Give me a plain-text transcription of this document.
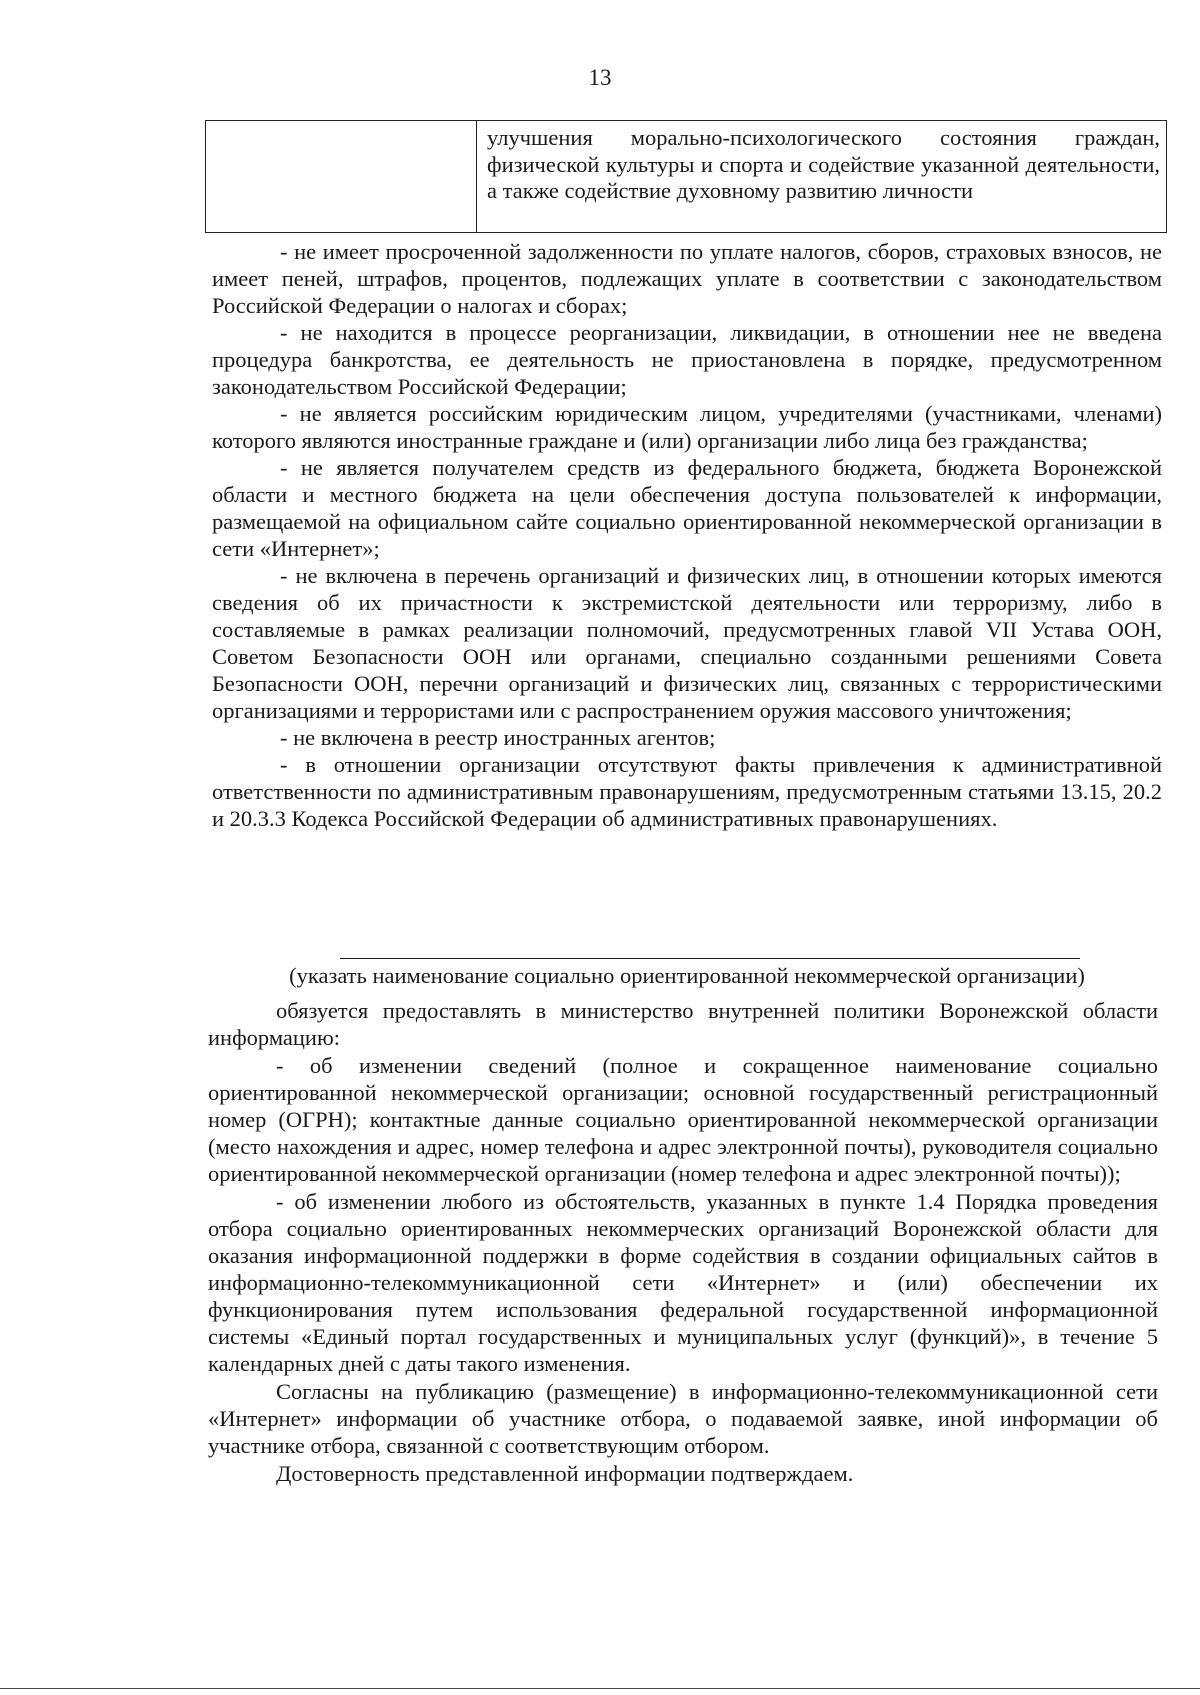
13
	улучшения морально-психологического состояния граждан, физической культуры и спорта и содействие указанной деятельности, а также содействие духовному развитию личности

- не имеет просроченной задолженности по уплате налогов, сборов, страховых взносов, не имеет пеней, штрафов, процентов, подлежащих уплате в соответствии с законодательством Российской Федерации о налогах и сборах;

- не находится в процессе реорганизации, ликвидации, в отношении нее не введена процедура банкротства, ее деятельность не приостановлена в порядке, предусмотренном законодательством Российской Федерации;

- не является российским юридическим лицом, учредителями (участниками, членами) которого являются иностранные граждане и (или) организации либо лица без гражданства;

- не является получателем средств из федерального бюджета, бюджета Воронежской области и местного бюджета на цели обеспечения доступа пользователей к информации, размещаемой на официальном сайте социально ориентированной некоммерческой организации в сети «Интернет»;

- не включена в перечень организаций и физических лиц, в отношении которых имеются сведения об их причастности к экстремистской деятельности или терроризму, либо в составляемые в рамках реализации полномочий, предусмотренных главой VII Устава ООН, Советом Безопасности ООН или органами, специально созданными решениями Совета Безопасности ООН, перечни организаций и физических лиц, связанных с террористическими организациями и террористами или с распространением оружия массового уничтожения;

- не включена в реестр иностранных агентов;

- в отношении организации отсутствуют факты привлечения к административной ответственности по административным правонарушениям, предусмотренным статьями 13.15, 20.2 и 20.3.3 Кодекса Российской Федерации об административных правонарушениях.

(указать наименование социально ориентированной некоммерческой организации)

обязуется предоставлять в министерство внутренней политики Воронежской области информацию:

- об изменении сведений (полное и сокращенное наименование социально ориентированной некоммерческой организации; основной государственный регистрационный номер (ОГРН); контактные данные социально ориентированной некоммерческой организации (место нахождения и адрес, номер телефона и адрес электронной почты), руководителя социально ориентированной некоммерческой организации (номер телефона и адрес электронной почты));

- об изменении любого из обстоятельств, указанных в пункте 1.4 Порядка проведения отбора социально ориентированных некоммерческих организаций Воронежской области для оказания информационной поддержки в форме содействия в создании официальных сайтов в информационно-телекоммуникационной сети «Интернет» и (или) обеспечении их функционирования путем использования федеральной государственной информационной системы «Единый портал государственных и муниципальных услуг (функций)», в течение 5 календарных дней с даты такого изменения.

Согласны на публикацию (размещение) в информационно-телекоммуникационной сети «Интернет» информации об участнике отбора, о подаваемой заявке, иной информации об участнике отбора, связанной с соответствующим отбором.

Достоверность представленной информации подтверждаем.
